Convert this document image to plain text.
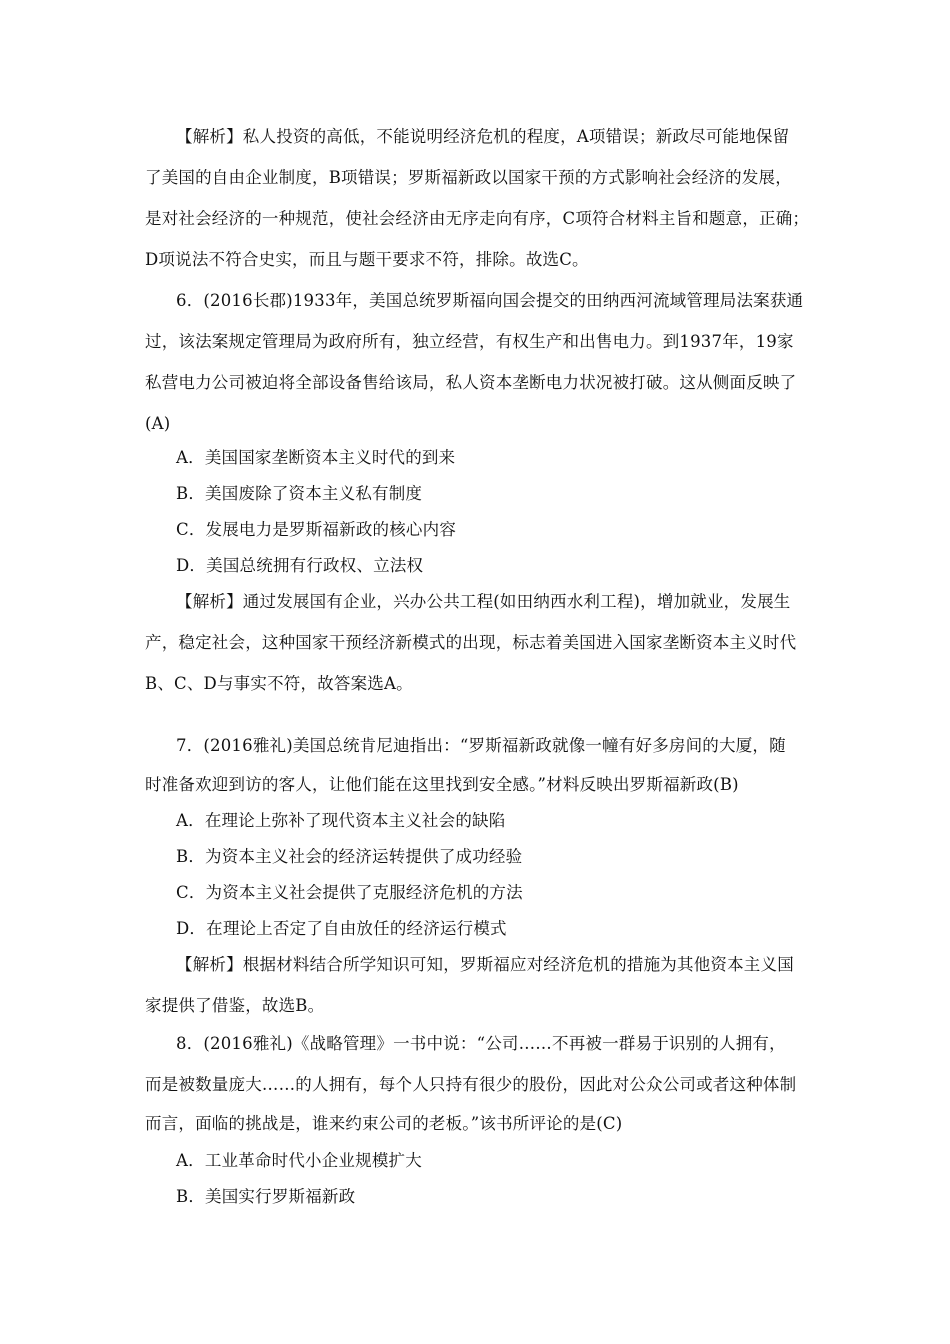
【解析】私人投资的高低，不能说明经济危机的程度，A项错误；新政尽可能地保留
了美国的自由企业制度，B项错误；罗斯福新政以国家干预的方式影响社会经济的发展，
是对社会经济的一种规范，使社会经济由无序走向有序，C项符合材料主旨和题意，正确；
D项说法不符合史实，而且与题干要求不符，排除。故选C。
6．(2016长郡)1933年，美国总统罗斯福向国会提交的田纳西河流域管理局法案获通
过，该法案规定管理局为政府所有，独立经营，有权生产和出售电力。到1937年，19家
私营电力公司被迫将全部设备售给该局，私人资本垄断电力状况被打破。这从侧面反映了
(A)
A．美国国家垄断资本主义时代的到来
B．美国废除了资本主义私有制度
C．发展电力是罗斯福新政的核心内容
D．美国总统拥有行政权、立法权
【解析】通过发展国有企业，兴办公共工程(如田纳西水利工程)，增加就业，发展生
产，稳定社会，这种国家干预经济新模式的出现，标志着美国进入国家垄断资本主义时代
B、C、D与事实不符，故答案选A。
7．(2016雅礼)美国总统肯尼迪指出：“罗斯福新政就像一幢有好多房间的大厦，随
时准备欢迎到访的客人，让他们能在这里找到安全感。”材料反映出罗斯福新政(B)
A．在理论上弥补了现代资本主义社会的缺陷
B．为资本主义社会的经济运转提供了成功经验
C．为资本主义社会提供了克服经济危机的方法
D．在理论上否定了自由放任的经济运行模式
【解析】根据材料结合所学知识可知，罗斯福应对经济危机的措施为其他资本主义国
家提供了借鉴，故选B。
8．(2016雅礼)《战略管理》一书中说：“公司……不再被一群易于识别的人拥有，
而是被数量庞大……的人拥有，每个人只持有很少的股份，因此对公众公司或者这种体制
而言，面临的挑战是，谁来约束公司的老板。”该书所评论的是(C)
A．工业革命时代小企业规模扩大
B．美国实行罗斯福新政
